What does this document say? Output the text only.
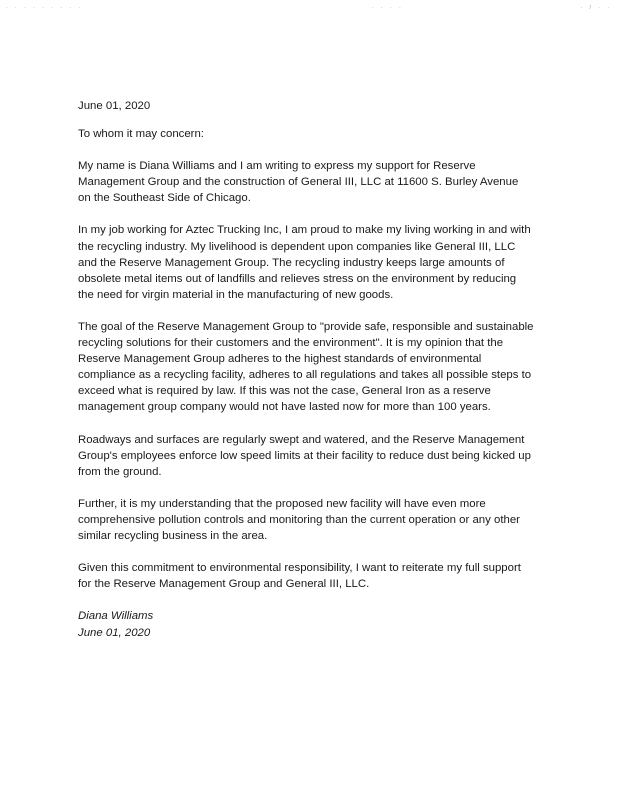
· · · · · · · · ·	· · · ·	· / · ·

June 01, 2020

To whom it may concern:

My name is Diana Williams and I am writing to express my support for Reserve Management Group and the construction of General III, LLC at 11600 S. Burley Avenue on the Southeast Side of Chicago.

In my job working for Aztec Trucking Inc, I am proud to make my living working in and with the recycling industry. My livelihood is dependent upon companies like General III, LLC and the Reserve Management Group. The recycling industry keeps large amounts of obsolete metal items out of landfills and relieves stress on the environment by reducing the need for virgin material in the manufacturing of new goods.

The goal of the Reserve Management Group to "provide safe, responsible and sustainable recycling solutions for their customers and the environment". It is my opinion that the Reserve Management Group adheres to the highest standards of environmental compliance as a recycling facility, adheres to all regulations and takes all possible steps to exceed what is required by law. If this was not the case, General Iron as a reserve management group company would not have lasted now for more than 100 years.

Roadways and surfaces are regularly swept and watered, and the Reserve Management Group's employees enforce low speed limits at their facility to reduce dust being kicked up from the ground.

Further, it is my understanding that the proposed new facility will have even more comprehensive pollution controls and monitoring than the current operation or any other similar recycling business in the area.

Given this commitment to environmental responsibility, I want to reiterate my full support for the Reserve Management Group and General III, LLC.

Diana Williams
June 01, 2020
